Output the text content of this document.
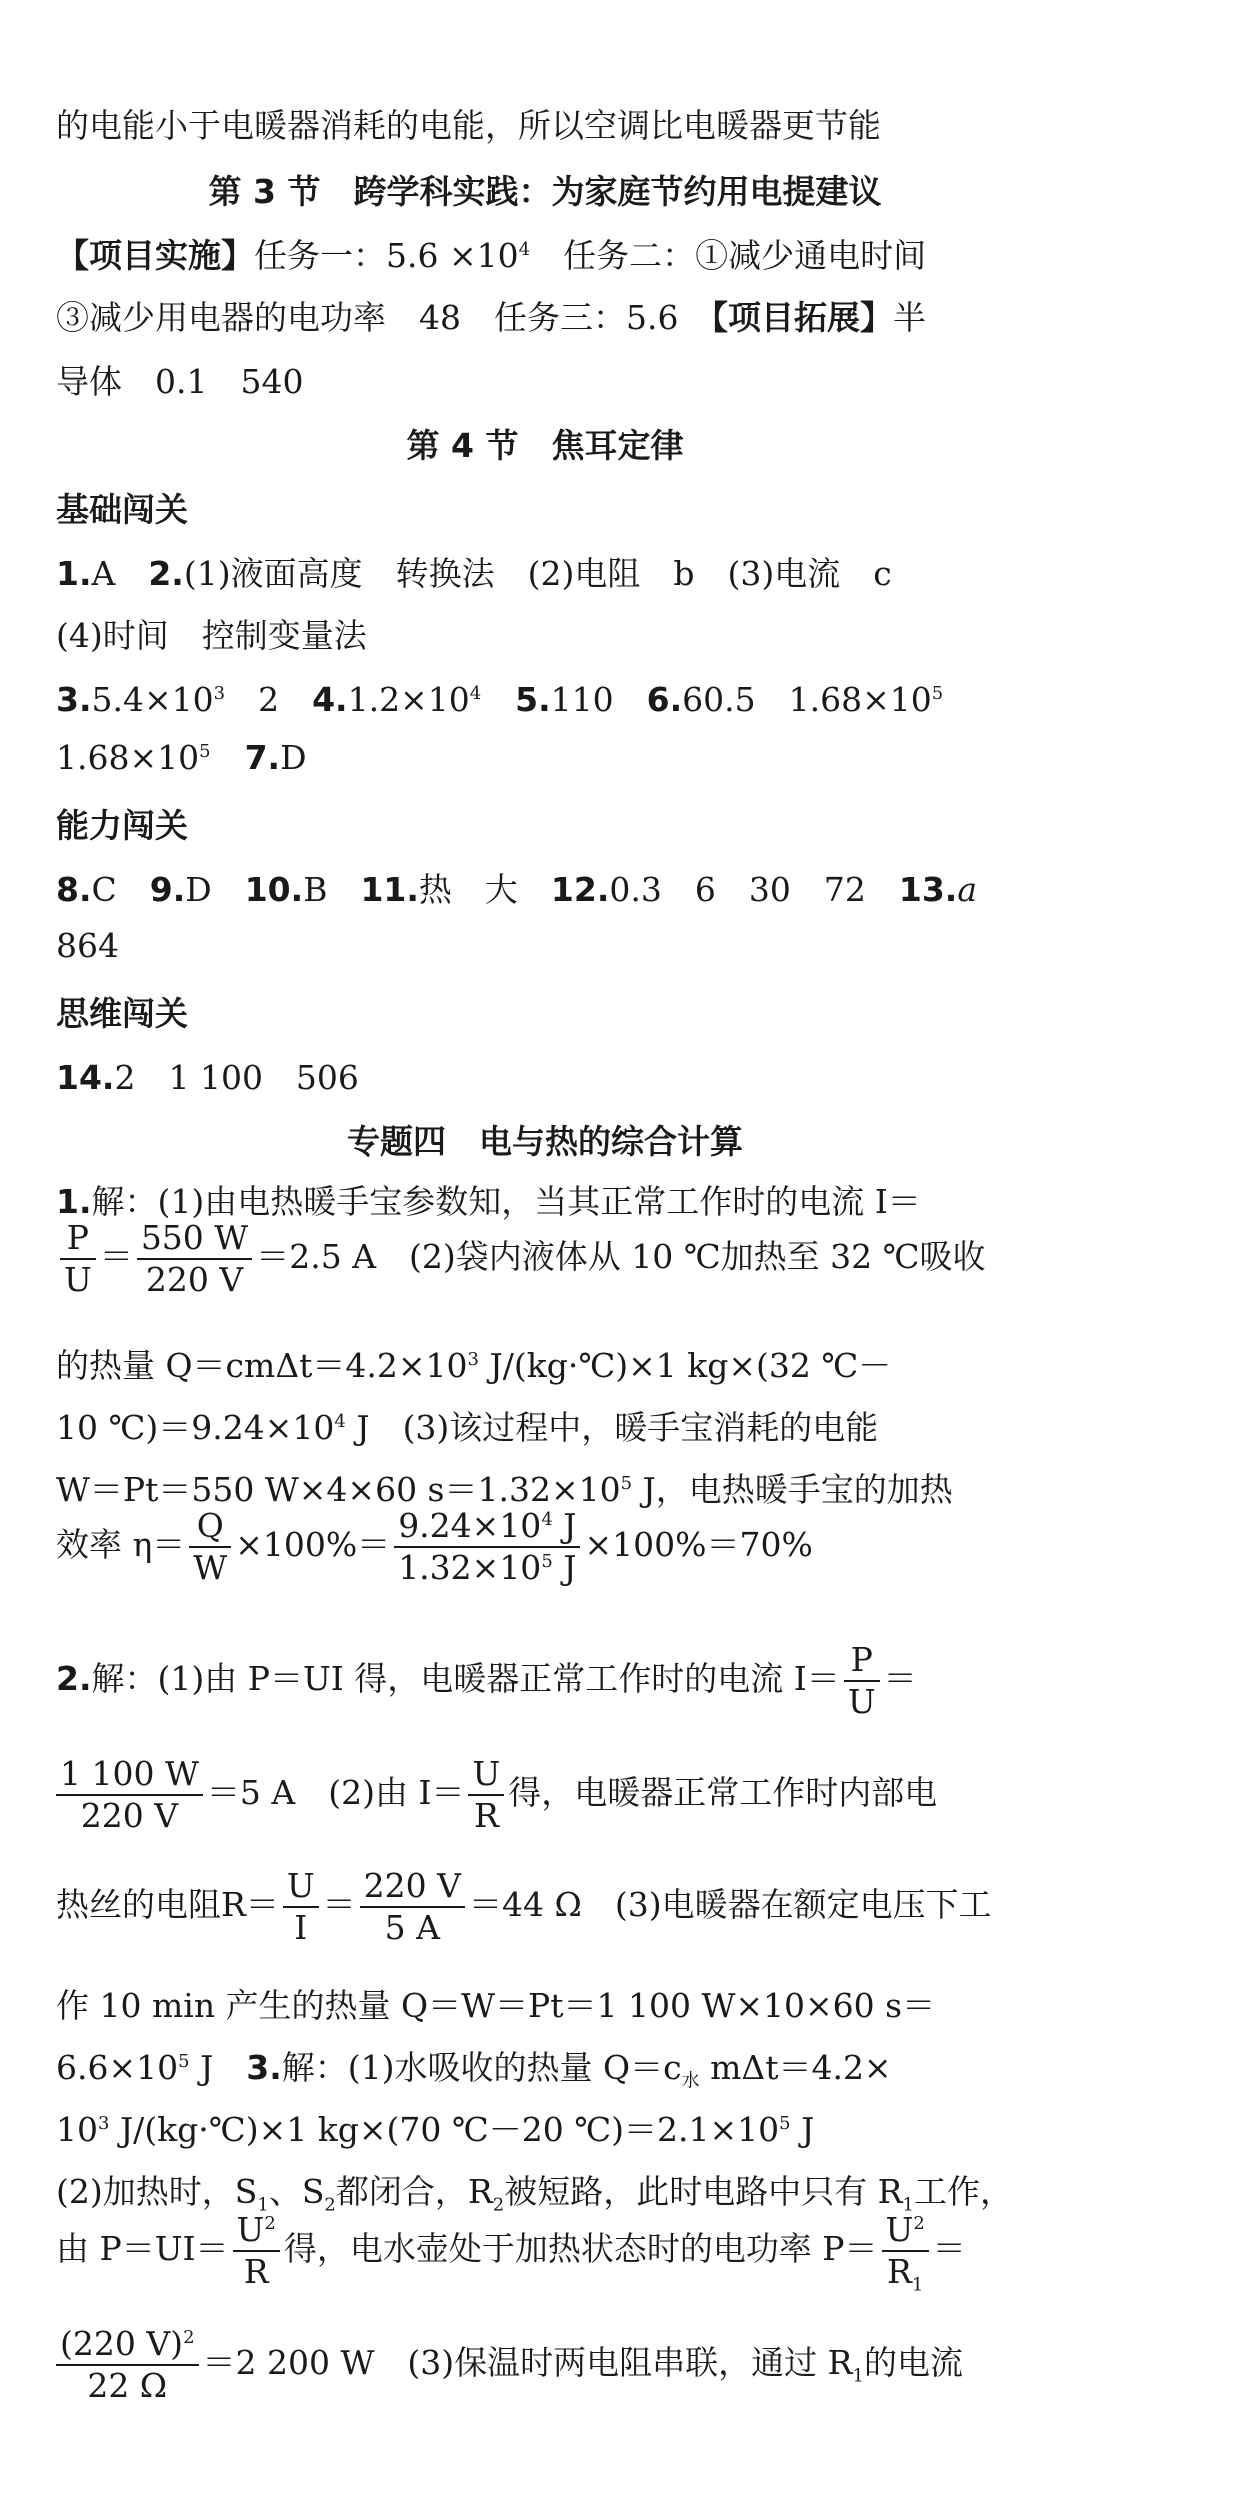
的电能小于电暖器消耗的电能，所以空调比电暖器更节能
第 3 节　跨学科实践：为家庭节约用电提建议
【项目实施】任务一：$5.6 \times 10^4$　任务二：①减少通电时间
③减少用电器的电功率　48　任务三：5.6　【项目拓展】半
导体　0.1　540
第 4 节　焦耳定律
基础闯关
1.A　2.(1)液面高度　转换法　(2)电阻　b　(3)电流　c
(4)时间　控制变量法
$3.5.4\times 10^3$　2　$4.1.2\times 10^4$ 5.110　6.60.5　$1.68\times 10^5$
$1.68\times 10^5$ 7.D
能力闯关
8.C　9.D　10.B　11.热　大　12.0.3　6　30　72　13.a
864
思维闯关
14.2　1 100　506
专题四　电与热的综合计算
1.解：(1)由电热暖手宝参数知，当其正常工作时的电流 I＝
$\frac{P}{U} = \frac{550 W}{220 V} =2.5$ A　(2)袋内液体从 10 ℃加热至 32 ℃吸收
的热量 $Q=cm\Delta t=4.2\times 10^3$ J/(kg·℃)×1 kg×(32 ℃－
10 $℃)=9.24\times 10^4$ J　(3)该过程中，暖手宝消耗的电能
W＝Pt＝550 W×4×60 $s=1.32\times 10^5$ J，电热暖手宝的加热
效率 $\eta= \frac{Q}{W} \times 100\%= \frac{9.24\times 10^4 J}{1.32\times 10^5 J} \times 100\%=70\%$
2.解：(1)由 P＝UI 得，电暖器正常工作时的电流 $I= \frac{P}{U}$ ＝
$\frac{1 100 W}{220 V} =5$ A　(2)由 $I= \frac{U}{R}$ 得，电暖器正常工作时内部电
热丝的电阻$R= \frac{U}{I} = \frac{220 V}{5 A} =44$ Ω　(3)电暖器在额定电压下工
作 10 min 产生的热量 Q＝W＝Pt＝1 100 W×10×60 s＝
$6.6\times 10^5$ J　3.解：(1)水吸收的热量 $Q=c_水$ mΔt＝4.2×
$10^3$ J/(kg·℃)×1 kg×(70 ℃－20 $℃)=2.1\times 10^5$ J
(2)加热时，$S_1$、$S_2$都闭合，$R_2$被短路，此时电路中只有 $R_1$工作，
由 $P=UI= \frac{U^2}{R}$ 得，电水壶处于加热状态时的电功率 $P= \frac{U^2}{R_1}$ ＝
$\frac{(220 V)^2}{22 \Omega} =2$ 200 W　(3)保温时两电阻串联，通过 $R_1$的电流
